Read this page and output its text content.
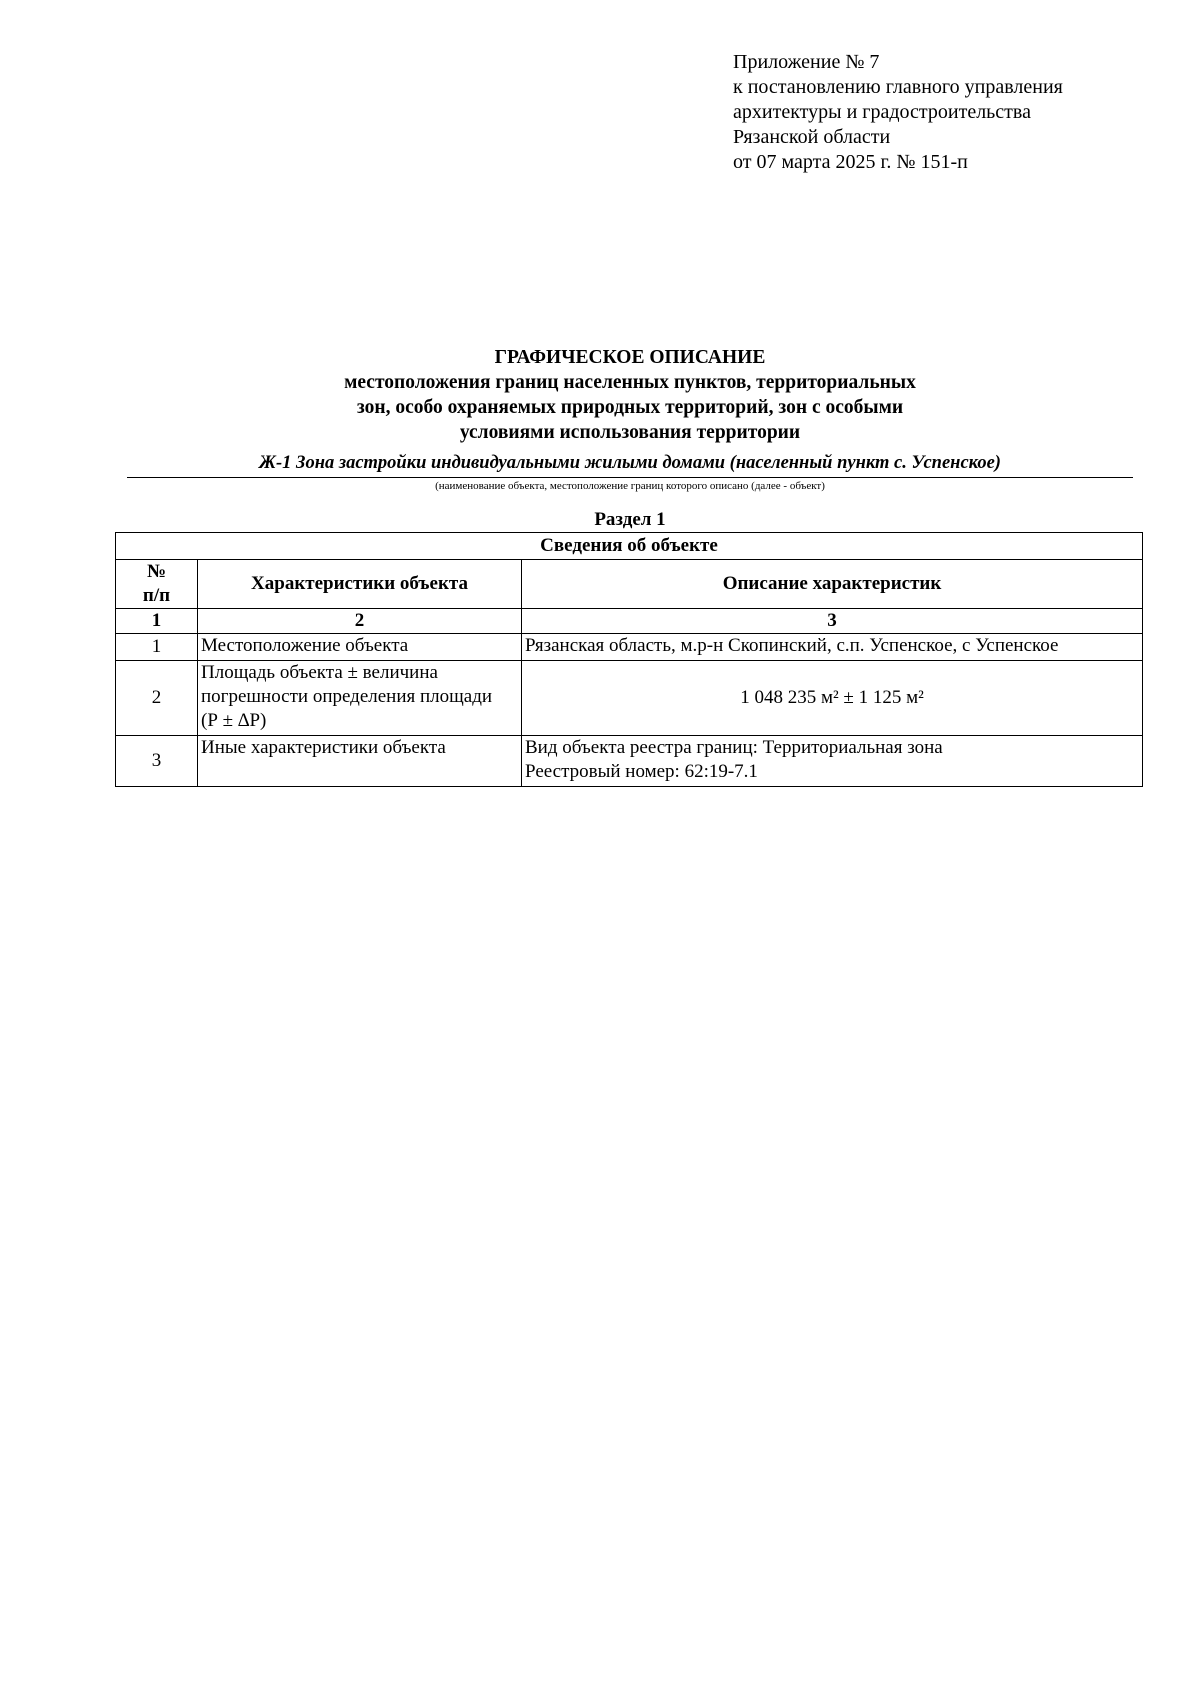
Приложение № 7
к постановлению главного управления
архитектуры и градостроительства
Рязанской области
от 07 марта 2025 г. № 151-п
ГРАФИЧЕСКОЕ ОПИСАНИЕ
местоположения границ населенных пунктов, территориальных
зон, особо охраняемых природных территорий, зон с особыми
условиями использования территории
Ж-1 Зона застройки индивидуальными жилыми домами (населенный пункт с. Успенское)
(наименование объекта, местоположение границ которого описано (далее - объект)
Раздел 1
Сведения об объекте		

№
п/п	Характеристики объекта	Описание характеристик
1	2	3
1	Местоположение объекта	Рязанская область, м.р-н Скопинский, с.п. Успенское, с Успенское
2	Площадь объекта ± величина
погрешности определения площади
(Р ± ∆Р)	1 048 235 м² ± 1 125 м²
3	Иные характеристики объекта	Вид объекта реестра границ: Территориальная зона
Реестровый номер: 62:19-7.1
